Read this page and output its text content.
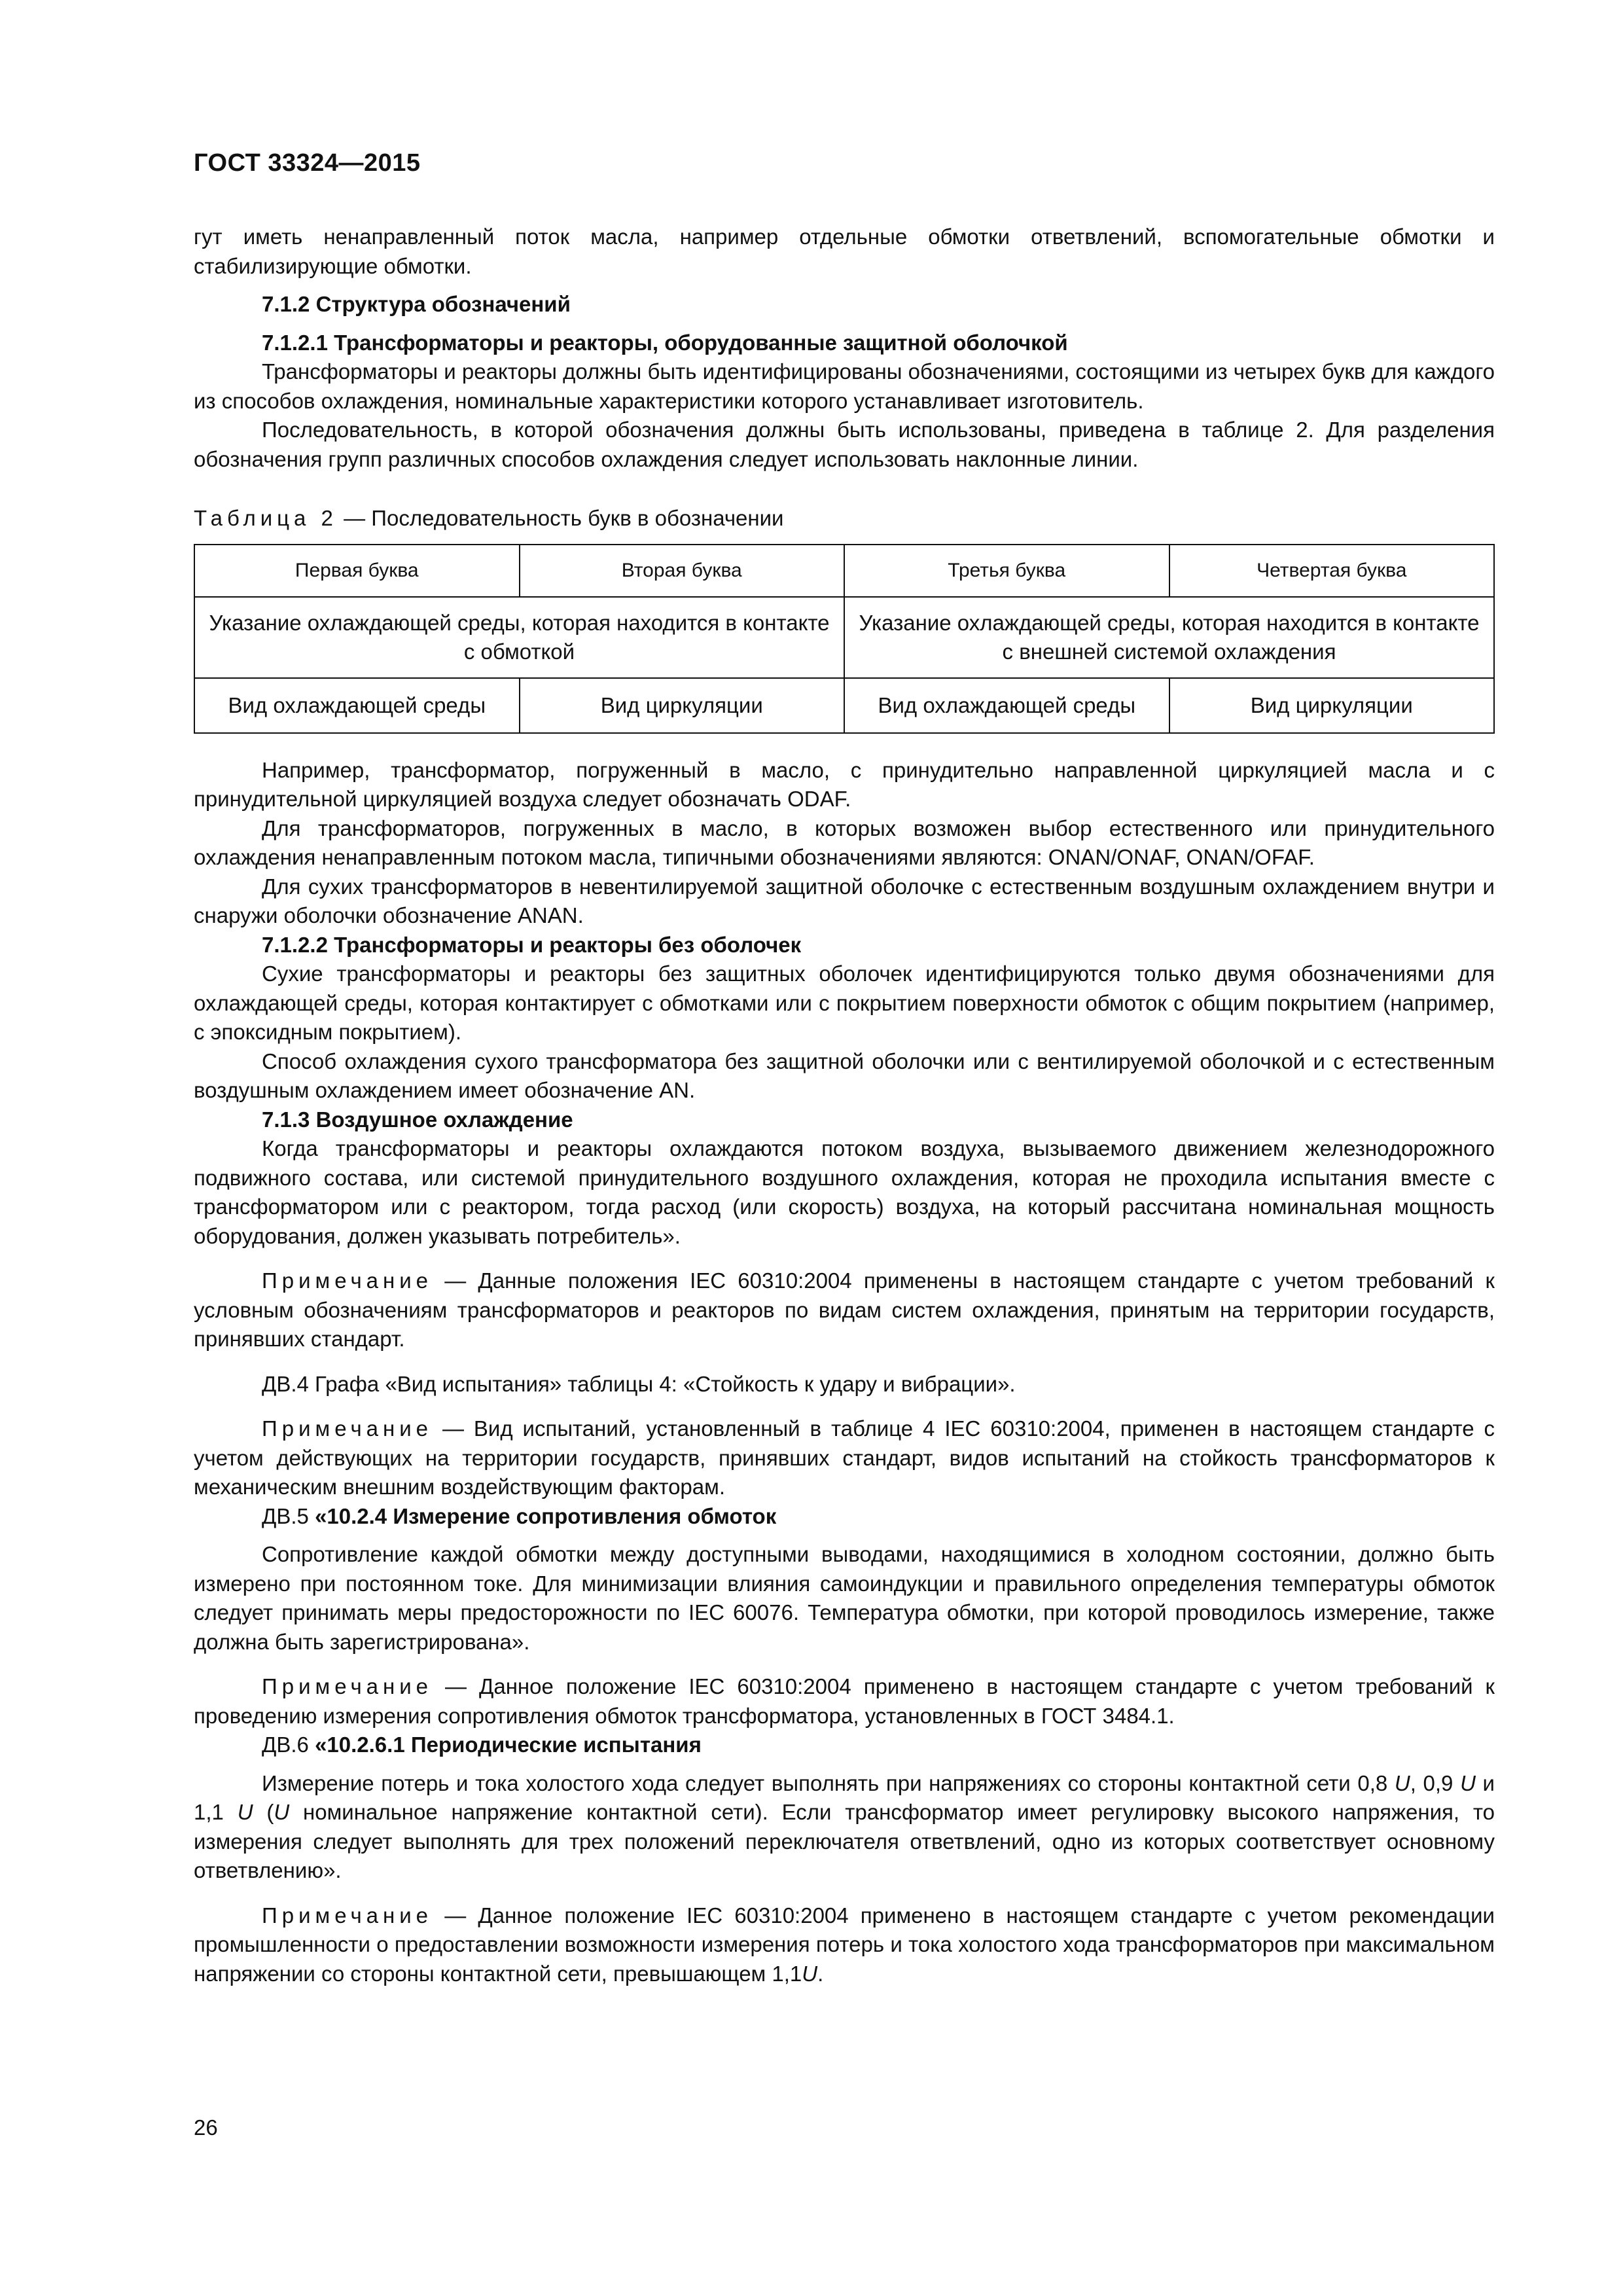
ГОСТ 33324—2015

гут иметь ненаправленный поток масла, например отдельные обмотки ответвлений, вспомогательные обмотки и стабилизирующие обмотки.

7.1.2 Структура обозначений

7.1.2.1 Трансформаторы и реакторы, оборудованные защитной оболочкой

Трансформаторы и реакторы должны быть идентифицированы обозначениями, состоящими из четырех букв для каждого из способов охлаждения, номинальные характеристики которого устанавливает изготовитель.

Последовательность, в которой обозначения должны быть использованы, приведена в таблице 2. Для разделения обозначения групп различных способов охлаждения следует использовать наклонные линии.

Таблица 2 — Последовательность букв в обозначении

Первая буква	Вторая буква	Третья буква	Четвертая буква
Указание охлаждающей среды, которая находится в контакте с обмоткой		Указание охлаждающей среды, которая находится в контакте с внешней системой охлаждения	
Вид охлаждающей среды	Вид циркуляции	Вид охлаждающей среды	Вид циркуляции

Например, трансформатор, погруженный в масло, с принудительно направленной циркуляцией масла и с принудительной циркуляцией воздуха следует обозначать ODAF.

Для трансформаторов, погруженных в масло, в которых возможен выбор естественного или принудительного охлаждения ненаправленным потоком масла, типичными обозначениями являются: ONAN/ONAF, ONAN/OFAF.

Для сухих трансформаторов в невентилируемой защитной оболочке с естественным воздушным охлаждением внутри и снаружи оболочки обозначение ANAN.

7.1.2.2 Трансформаторы и реакторы без оболочек

Сухие трансформаторы и реакторы без защитных оболочек идентифицируются только двумя обозначениями для охлаждающей среды, которая контактирует с обмотками или с покрытием поверхности обмоток с общим покрытием (например, с эпоксидным покрытием).

Способ охлаждения сухого трансформатора без защитной оболочки или с вентилируемой оболочкой и с естественным воздушным охлаждением имеет обозначение AN.

7.1.3 Воздушное охлаждение

Когда трансформаторы и реакторы охлаждаются потоком воздуха, вызываемого движением железнодорожного подвижного состава, или системой принудительного воздушного охлаждения, которая не проходила испытания вместе с трансформатором или с реактором, тогда расход (или скорость) воздуха, на который рассчитана номинальная мощность оборудования, должен указывать потребитель».

Примечание — Данные положения IEC 60310:2004 применены в настоящем стандарте с учетом требований к условным обозначениям трансформаторов и реакторов по видам систем охлаждения, принятым на территории государств, принявших стандарт.

ДВ.4 Графа «Вид испытания» таблицы 4: «Стойкость к удару и вибрации».

Примечание — Вид испытаний, установленный в таблице 4 IEC 60310:2004, применен в настоящем стандарте с учетом действующих на территории государств, принявших стандарт, видов испытаний на стойкость трансформаторов к механическим внешним воздействующим факторам.

ДВ.5 «10.2.4 Измерение сопротивления обмоток

Сопротивление каждой обмотки между доступными выводами, находящимися в холодном состоянии, должно быть измерено при постоянном токе. Для минимизации влияния самоиндукции и правильного определения температуры обмоток следует принимать меры предосторожности по IEC 60076. Температура обмотки, при которой проводилось измерение, также должна быть зарегистрирована».

Примечание — Данное положение IEC 60310:2004 применено в настоящем стандарте с учетом требований к проведению измерения сопротивления обмоток трансформатора, установленных в ГОСТ 3484.1.

ДВ.6 «10.2.6.1 Периодические испытания

Измерение потерь и тока холостого хода следует выполнять при напряжениях со стороны контактной сети 0,8 U, 0,9 U и 1,1 U (U номинальное напряжение контактной сети). Если трансформатор имеет регулировку высокого напряжения, то измерения следует выполнять для трех положений переключателя ответвлений, одно из которых соответствует основному ответвлению».

Примечание — Данное положение IEC 60310:2004 применено в настоящем стандарте с учетом рекомендации промышленности о предоставлении возможности измерения потерь и тока холостого хода трансформаторов при максимальном напряжении со стороны контактной сети, превышающем 1,1U.

26
